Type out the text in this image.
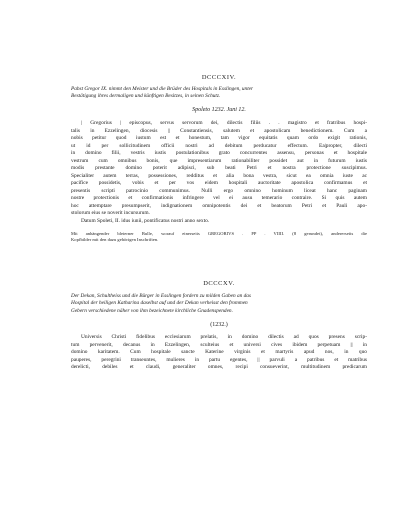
DCCCXIV.

Pabst Gregor IX. nimmt den Meister und die Brüder des Hospitals in Esslingen, unter
Bestätigung ihres dermaligen und künftigen Besitzes, in seinen Schutz.

Spoleto 1232. Juni 12.

| Gregorius | episcopus, servus servorum dei, dilectis filiis . . magistro et fratribus hospi-
talis in Ezzelingen, diocesis || Constantiensis, salutem et apostolicam benedictionem. Cum a
nobis petitur quod iustum est et honestum, tam vigor equitatis quam ordo exigit rationis,
ut id per sollicitudinem officii nostri ad debitum perducatur effectum. Ea|propter, dilecti
in domino filii, vestris iustis postulationibus grato concurrentes assensu, personas et hospitale
vestrum cum omnibus bonis, que impresentiarum rationabiliter possidet aut in futurum iustis
modis prestante domino poterit adipisci, sub beati Petri et nostra protectione suscipimus.
Specialiter autem terras, possessiones, redditus et alia bona vestra, sicut ea omnia iuste ac
pacifice possidetis, vobis et per vos eidem hospitali auctoritate apostolica confirmamus et
presentis scripti patrocinio communimus. Nulli ergo omnino hominum liceat hanc paginam
nostre protectionis et confirmationis infringere vel ei ausu temerario contraire. Si quis autem
hoc attemptare presumpserit, indignationem omnipotentis dei et beatorum Petri et Pauli apo-
stolorum eius se noverit incursurum.
Datum Spoleti, II. idus iunii, pontificatus nostri anno sexto.

Mit anhängender bleierner Bulle, worauf einerseits GREGORIVS . PP . VIIII. (8 gerundet), andererseits die
Kopfbilder mit den dazu gehörigen Inschriften.

DCCCXV.

Der Dekan, Schultheiss und die Bürger in Esslingen fordern zu milden Gaben an das
Hospital der heiligen Katharina daselbst auf und der Dekan verheisst den frommen
Gebern verschiedene näher von ihm bezeichnete kirchliche Gnadenspenden.

(1232.)

Universis Christi fidelibus ecclesiarum prelatis, in domino dilectis ad quos presens scrip-
tum pervenerit, decanus in Ezzelingen, sculteius et universi cives ibidem perpetuam || in
domino karitatem. Cum hospitale sancte Katerine virginis et martyris apud nos, in quo
pauperes, peregrini transeuntes, mulieres in partu egentes, || parvuli a patribus et matribus
derelicti, debiles et claudi, generaliter omnes, recipi consueverint, multitudinem predicarum
